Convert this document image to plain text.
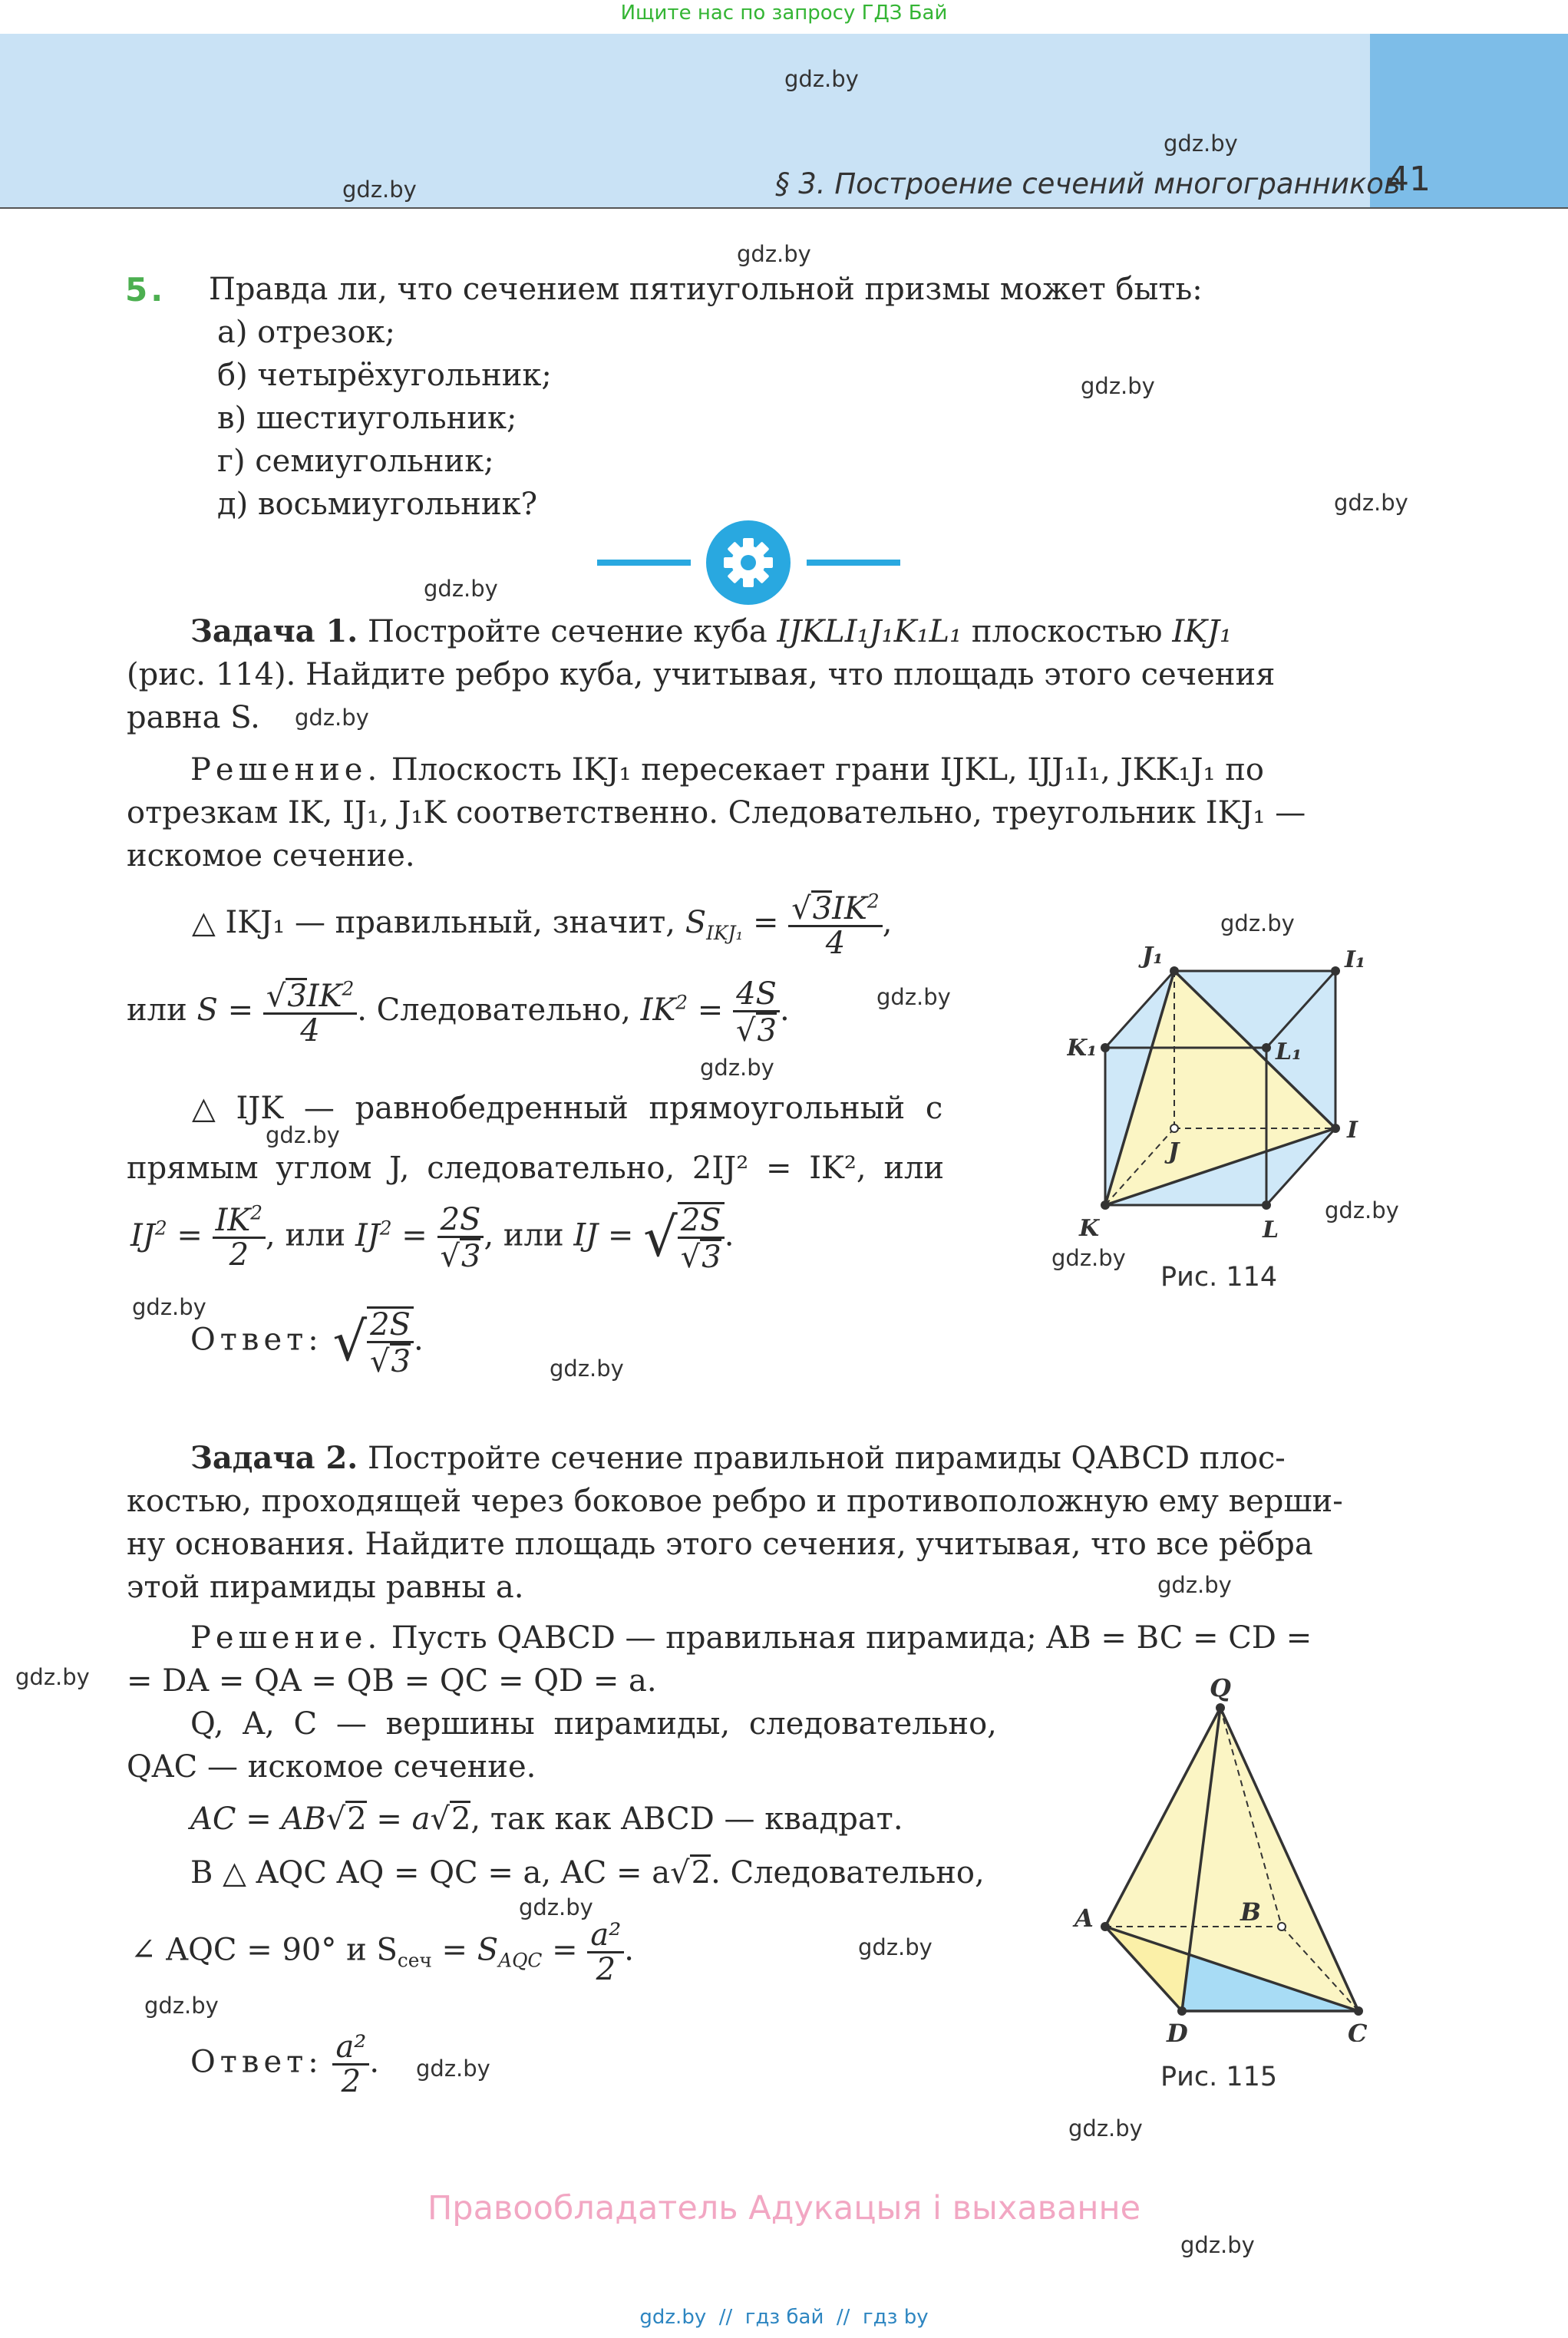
Ищите нас по запросу ГДЗ Бай
§ 3. Построение сечений многогранников
41
gdz.by
gdz.by
gdz.by
gdz.by
gdz.by
gdz.by
gdz.by
gdz.by
gdz.by
gdz.by
gdz.by
gdz.by
gdz.by
gdz.by
gdz.by
gdz.by
gdz.by
gdz.by
gdz.by
gdz.by
gdz.by
gdz.by
gdz.by
gdz.by
5. Правда ли, что сечением пятиугольной призмы может быть:
а) отрезок;
б) четырёхугольник;
в) шестиугольник;
г) семиугольник;
д) восьмиугольник?
Задача 1. Постройте сечение куба IJKLI₁J₁K₁L₁ плоскостью IKJ₁
(рис. 114). Найдите ребро куба, учитывая, что площадь этого сечения
равна S.
Решение. Плоскость IKJ₁ пересекает грани IJKL, IJJ₁I₁, JKK₁J₁ по
отрезкам IK, IJ₁, J₁K соответственно. Следовательно, треугольник IKJ₁ —
искомое сечение.
△ IKJ₁ — правильный, значит, $S_{IKJ_1} = \frac{√3IK^2}{4}$ ,
или $S = \frac{√3IK^2}{4}$ . Следовательно, $IK^2 = \frac{4S}{√3}$ .
△ IJK — равнобедренный прямоугольный с
прямым углом J, следовательно, 2IJ² = IK², или
$IJ^2 = \frac{IK^2}{2}$ , или $IJ^2 = \frac{2S}{√3}$ , или IJ = √ $\frac{2S}{√3}$ .
Ответ: √ $\frac{2S}{√3}$ .
J₁	I₁
K₁	L₁
J
I
K	L
Рис. 114
Задача 2. Постройте сечение правильной пирамиды QABCD плос-
костью, проходящей через боковое ребро и противоположную ему верши-
ну основания. Найдите площадь этого сечения, учитывая, что все рёбра
этой пирамиды равны a.
Решение. Пусть QABCD — правильная пирамида; AB = BC = CD =
= DA = QA = QB = QC = QD = a.
Q, A, C — вершины пирамиды, следовательно,
QAC — искомое сечение.
AC = AB√2 = a√2, так как ABCD — квадрат.
В △ AQC AQ = QC = a, AC = a√2. Следовательно,
∠ AQC = 90° и $S_{сеч} = S_{AQC} = \frac{\text{a²}}{2}$ .
Ответ: $\frac{\text{a²}}{2}$ .
Q
A	B
D	C
Рис. 115
Правообладатель Адукацыя і выхаванне
gdz.by  //  гдз бай  //  гдз by
